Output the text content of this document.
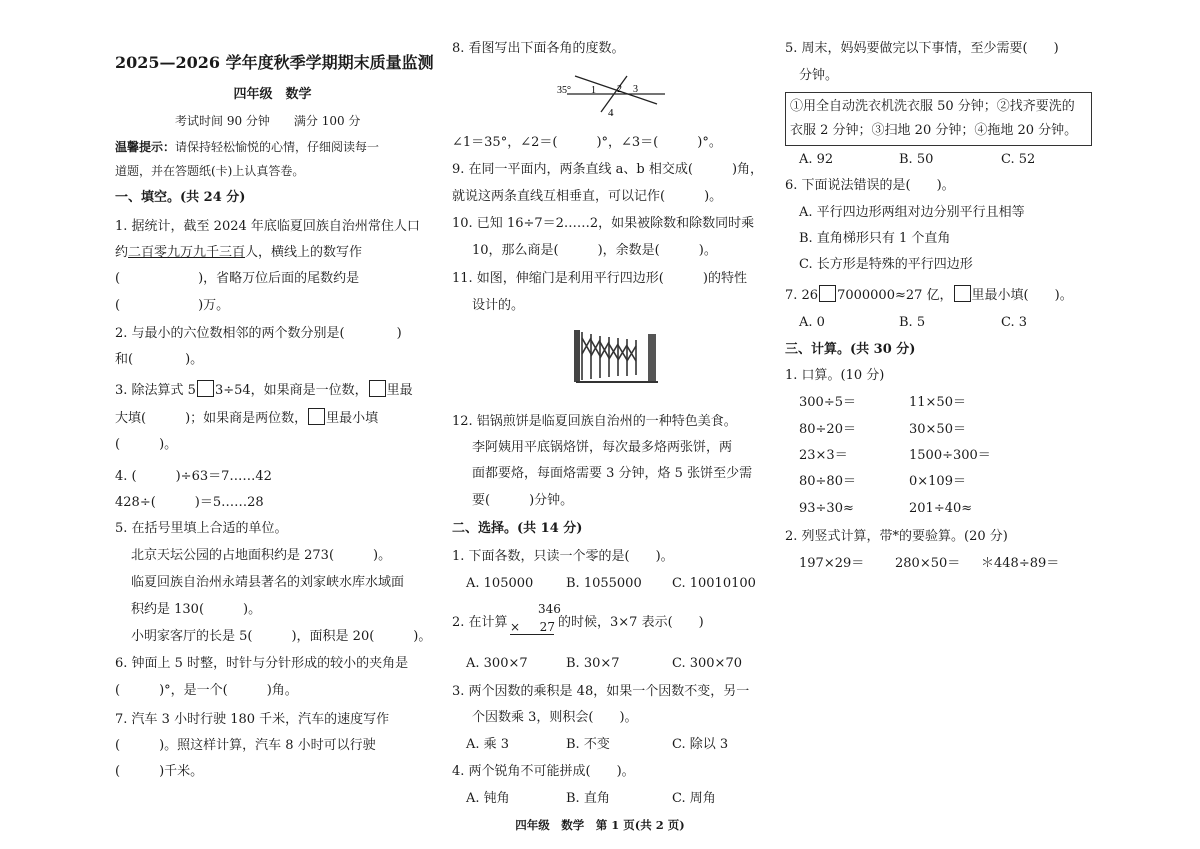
2025—2026 学年度秋季学期期末质量监测
四年级　数学
考试时间 90 分钟　　满分 100 分
温馨提示：请保持轻松愉悦的心情，仔细阅读每一
道题，并在答题纸(卡)上认真答卷。
一、填空。(共 24 分)
1. 据统计，截至 2024 年底临夏回族自治州常住人口
约二百零九万九千三百人，横线上的数写作
(　　　　　　)，省略万位后面的尾数约是
(　　　　　　)万。
2. 与最小的六位数相邻的两个数分别是(　　　　)
和(　　　　)。
3. 除法算式 5 3÷54，如果商是一位数， 里最
大填(　　　)；如果商是两位数， 里最小填
(　　　)。
4. (　　　)÷63＝7……42
428÷(　　　)＝5……28
5. 在括号里填上合适的单位。
北京天坛公园的占地面积约是 273(　　　)。
临夏回族自治州永靖县著名的刘家峡水库水域面
积约是 130(　　　)。
小明家客厅的长是 5(　　　)，面积是 20(　　　)。
6. 钟面上 5 时整，时针与分针形成的较小的夹角是
(　　　)°，是一个(　　　)角。
7. 汽车 3 小时行驶 180 千米，汽车的速度写作
(　　　)。照这样计算，汽车 8 小时可以行驶
(　　　)千米。
8. 看图写出下面各角的度数。
35° 1 2 3
4
∠1＝35°，∠2＝(　　　)°，∠3＝(　　　)°。
9. 在同一平面内，两条直线 a、b 相交成(　　　)角，
就说这两条直线互相垂直，可以记作(　　　)。
10. 已知 16÷7＝2……2，如果被除数和除数同时乘
10，那么商是(　　　)，余数是(　　　)。
11. 如图，伸缩门是利用平行四边形(　　　)的特性
设计的。
12. 铝锅煎饼是临夏回族自治州的一种特色美食。
李阿姨用平底锅烙饼，每次最多烙两张饼，两
面都要烙，每面烙需要 3 分钟，烙 5 张饼至少需
要(　　　)分钟。
二、选择。(共 14 分)
1. 下面各数，只读一个零的是(　　)。
A. 105000	B. 1055000 C. 10010100
2. 在计算
346
× 　 27 的时候，3×7 表示(　　)
A. 300×7	B. 30×7	C. 300×70
3. 两个因数的乘积是 48，如果一个因数不变，另一
个因数乘 3，则积会(　　)。
A. 乘 3	B. 不变	C. 除以 3
4. 两个锐角不可能拼成(　　)。
A. 钝角	B. 直角	C. 周角
5. 周末，妈妈要做完以下事情，至少需要(　　)
分钟。
①用全自动洗衣机洗衣服 50 分钟；②找齐要洗的衣服 2 分钟；③扫地 20 分钟；④拖地 20 分钟。
A. 92	B. 50	C. 52
6. 下面说法错误的是(　　)。
A. 平行四边形两组对边分别平行且相等
B. 直角梯形只有 1 个直角
C. 长方形是特殊的平行四边形
7. 26 7000000≈27 亿， 里最小填(　　)。
A. 0	B. 5	C. 3
三、计算。(共 30 分)
1. 口算。(10 分)
300÷5＝	11×50＝
80÷20＝	30×50＝
23×3＝	1500÷300＝
80÷80＝	0×109＝
93÷30≈	201÷40≈
2. 列竖式计算，带*的要验算。(20 分)
197×29＝ 280×50＝ ＊448÷89＝
四年级　数学　第 1 页(共 2 页)
